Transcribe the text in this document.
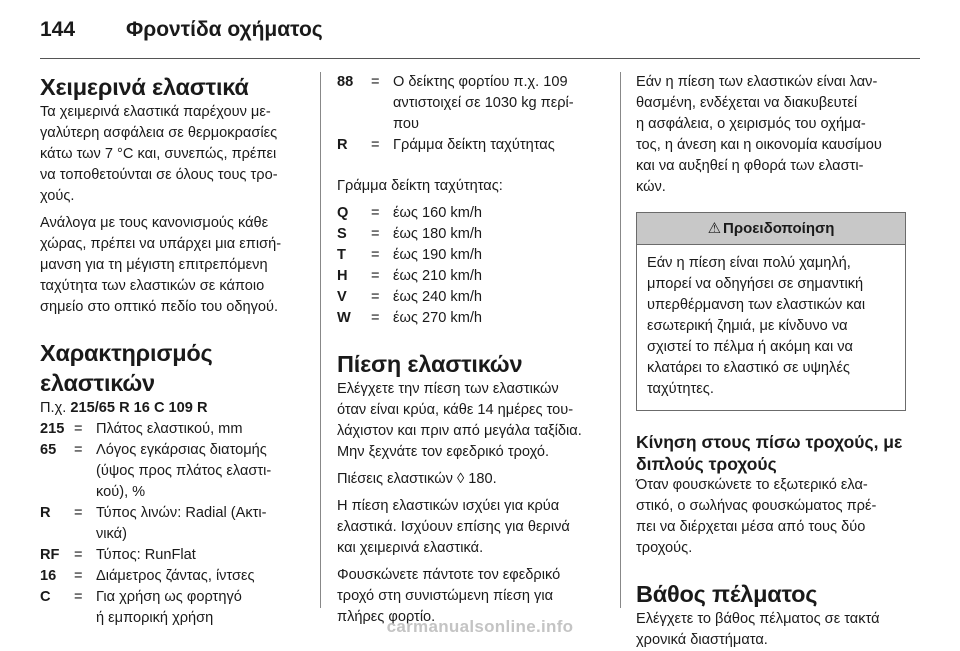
144 Φροντίδα οχήματος
Χειμερινά ελαστικά

Τα χειμερινά ελαστικά παρέχουν με-
γαλύτερη ασφάλεια σε θερμοκρασίες
κάτω των 7 °C και, συνεπώς, πρέπει
να τοποθετούνται σε όλους τους τρο-
χούς.

Ανάλογα με τους κανονισμούς κάθε
χώρας, πρέπει να υπάρχει μια επισή-
μανση για τη μέγιστη επιτρεπόμενη
ταχύτητα των ελαστικών σε κάποιο
σημείο στο οπτικό πεδίο του οδηγού.

Χαρακτηρισμός ελαστικών

Π.χ. 215/65 R 16 C 109 R

215 = Πλάτος ελαστικού, mm
65	= Λόγος εγκάρσιας διατομής
(ύψος προς πλάτος ελαστι-
κού), %
R	= Τύπος λινών: Radial (Ακτι-
νικά)
RF = Τύπος: RunFlat
16	= Διάμετρος ζάντας, ίντσες
C	= Για χρήση ως φορτηγό
ή εμπορική χρήση
88	= Ο δείκτης φορτίου π.χ. 109
αντιστοιχεί σε 1030 kg περί-
που
R	= Γράμμα δείκτη ταχύτητας

Γράμμα δείκτη ταχύτητας:

Q	= έως 160 km/h
S	= έως 180 km/h
T	= έως 190 km/h
H	= έως 210 km/h
V	= έως 240 km/h
W	= έως 270 km/h
Πίεση ελαστικών

Ελέγχετε την πίεση των ελαστικών
όταν είναι κρύα, κάθε 14 ημέρες του-
λάχιστον και πριν από μεγάλα ταξίδια.
Μην ξεχνάτε τον εφεδρικό τροχό.

Πιέσεις ελαστικών ◊ 180.

Η πίεση ελαστικών ισχύει για κρύα
ελαστικά. Ισχύουν επίσης για θερινά
και χειμερινά ελαστικά.

Φουσκώνετε πάντοτε τον εφεδρικό
τροχό στη συνιστώμενη πίεση για
πλήρες φορτίο.

Εάν η πίεση των ελαστικών είναι λαν-
θασμένη, ενδέχεται να διακυβευτεί
η ασφάλεια, ο χειρισμός του οχήμα-
τος, η άνεση και η οικονομία καυσίμου
και να αυξηθεί η φθορά των ελαστι-
κών.

⚠ Προειδοποίηση
Εάν η πίεση είναι πολύ χαμηλή,
μπορεί να οδηγήσει σε σημαντική
υπερθέρμανση των ελαστικών και
εσωτερική ζημιά, με κίνδυνο να
σχιστεί το πέλμα ή ακόμη και να
κλατάρει το ελαστικό σε υψηλές
ταχύτητες.
Κίνηση στους πίσω τροχούς, με
διπλούς τροχούς

Όταν φουσκώνετε το εξωτερικό ελα-
στικό, ο σωλήνας φουσκώματος πρέ-
πει να διέρχεται μέσα από τους δύο
τροχούς.

Βάθος πέλματος

Ελέγχετε το βάθος πέλματος σε τακτά
χρονικά διαστήματα.

carmanualsonline.info
